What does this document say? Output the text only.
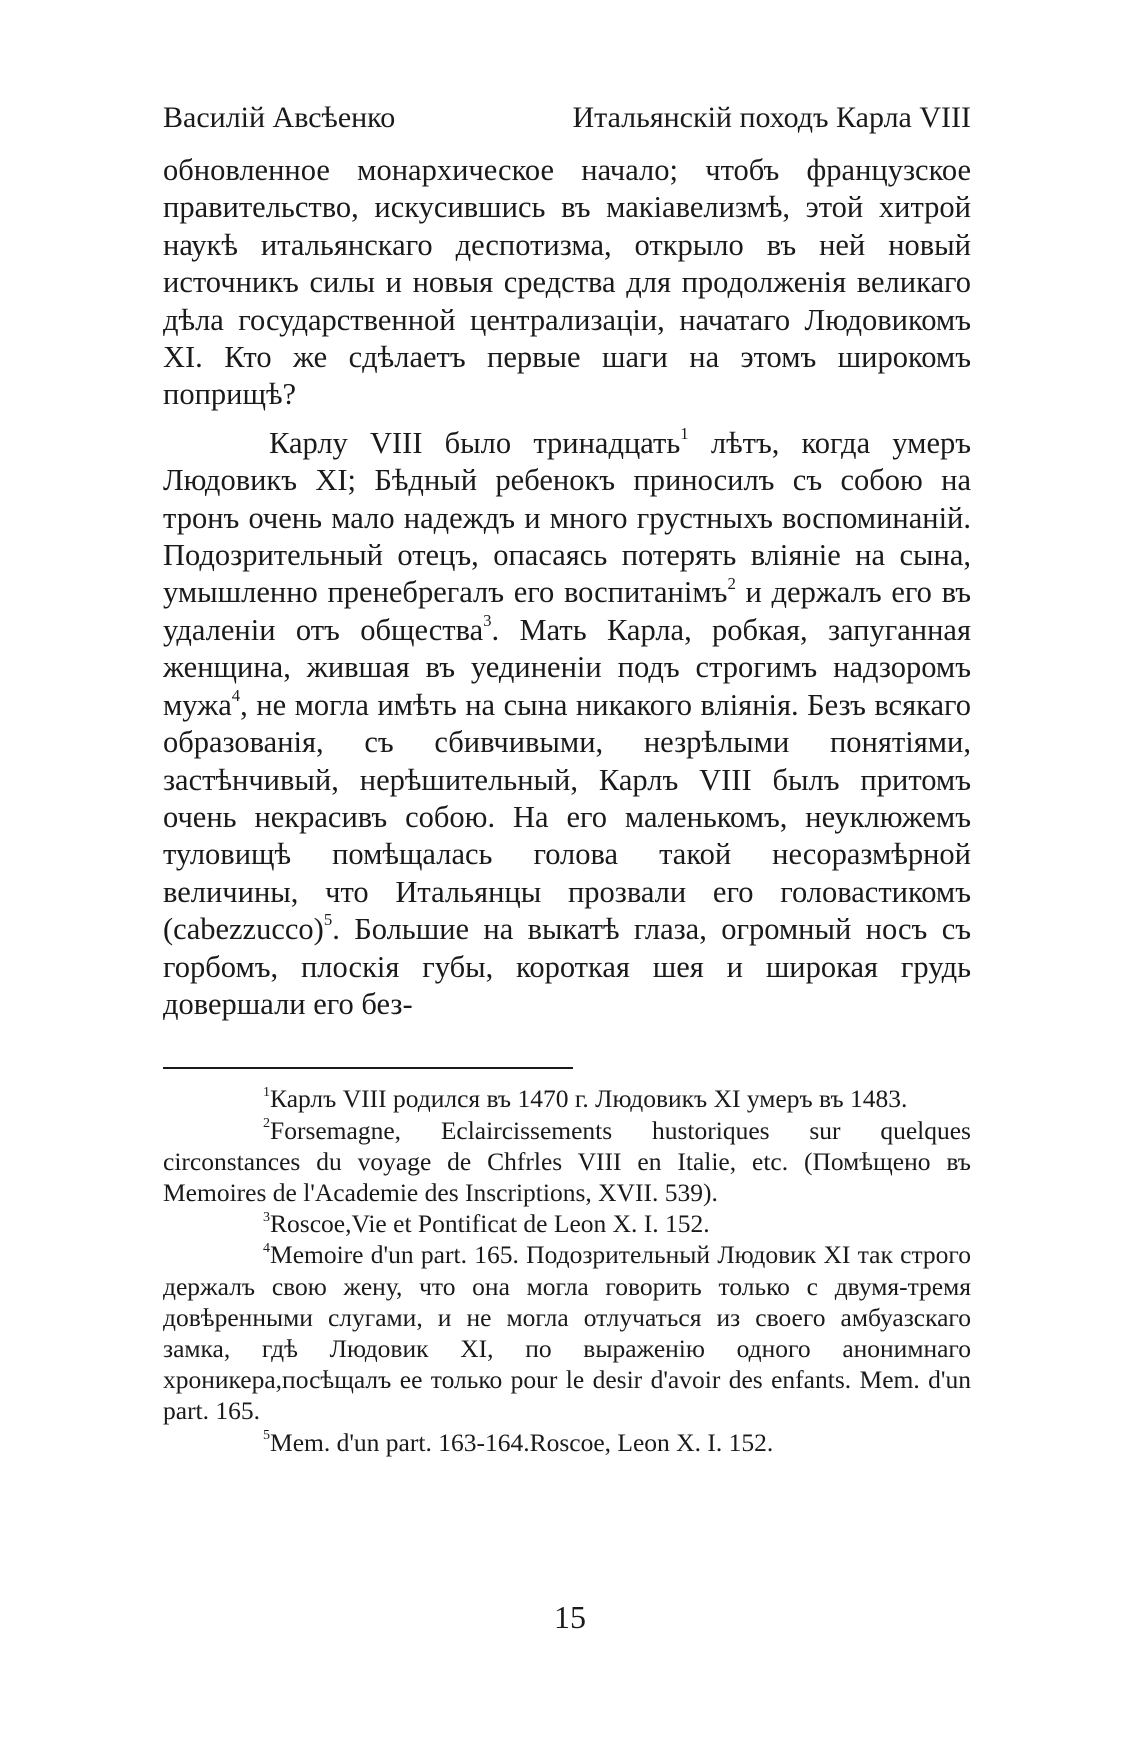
Василій Авсѣенко	Итальянскій походъ Карла VIII

обновленное монархическое начало; чтобъ французское правительство, искусившись въ макіавелизмѣ, этой хитрой наукѣ итальянскаго деспотизма, открыло въ ней новый источникъ силы и новыя средства для продолженія великаго дѣла государственной централизаціи, начатаго Людовикомъ XI. Кто же сдѣлаетъ первые шаги на этомъ широкомъ поприщѣ?

Карлу VIII было тринадцать$^1$ лѣтъ, когда умеръ Людовикъ XI; Бѣдный ребенокъ приносилъ съ собою на тронъ очень мало надеждъ и много грустныхъ воспоминаній. Подозрительный отецъ, опасаясь потерять вліяніе на сына, умышленно пренебрегалъ его воспитанімъ$^2$ и держалъ его въ удаленіи отъ общества$^3$. Мать Карла, робкая, запуганная женщина, жившая въ уединеніи подъ строгимъ надзоромъ мужа$^4$, не могла имѣть на сына никакого вліянія. Безъ всякаго образованія, съ сбивчивыми, незрѣлыми понятіями, застѣнчивый, нерѣшительный, Карлъ VIII былъ притомъ очень некрасивъ собою. На его маленькомъ, неуклюжемъ туловищѣ помѣщалась голова такой несоразмѣрной величины, что Итальянцы прозвали его головастикомъ (cabezzucco)$^5$. Большие на выкатѣ глаза, огромный носъ съ горбомъ, плоскія губы, короткая шея и широкая грудь довершали его без-

$^1$Карлъ VIII родился въ 1470 г. Людовикъ XI умеръ въ 1483.

$^2$Forsemagne, Eclaircissements hustoriques sur quelques circonstances du voyage de Chfrles VIII en Italie, etc. (Помѣщено въ Memoires de l'Academie des Inscriptions, XVII. 539).

$^3$Roscoe,Vie et Pontificat de Leon X. I. 152.

$^4$Memoire d'un part. 165. Подозрительный Людовик XI так строго держалъ свою жену, что она могла говорить только с двумя-тремя довѣренными слугами, и не могла отлучаться из своего амбуазскаго замка, гдѣ Людовик XI, по выраженію одного анонимнаго хроникера,посѣщалъ ее только pour le desir d'avoir des enfants. Mem. d'un part. 165.

$^5$Mem. d'un part. 163-164.Roscoe, Leon X. I. 152.

15
